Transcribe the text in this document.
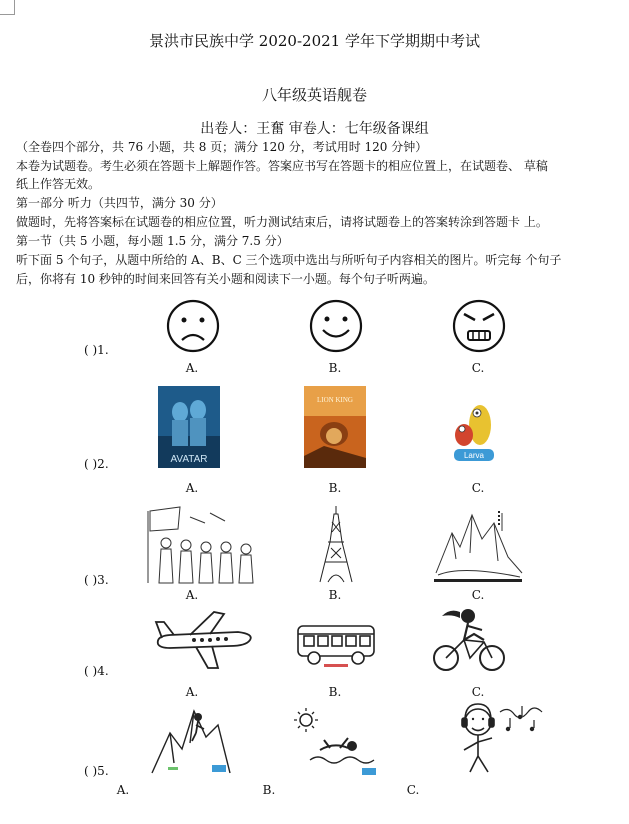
景洪市民族中学 2020-2021 学年下学期期中考试
八年级英语舰卷
出卷人：王奮 审卷人：七年级备课组
（全卷四个部分，共 76 小题，共 8 页；满分 120 分，考试用时 120 分钟）
本卷为试题卷。考生必须在答题卡上解题作答。答案应书写在答题卡的相应位置上，在试题卷、 草稿
纸上作答无效。
第一部分 听力（共四节，满分 30 分）
做题时，先将答案标在试题卷的相应位置，听力测试结束后，请将试题卷上的答案转涂到答题卡 上。
第一节（共 5 小题，每小题 1.5 分，满分 7.5 分）
听下面 5 个句子，从题中所给的 A、B、C 三个选项中选出与所听句子内容相关的图片。听完每 个句子
后，你将有 10 秒钟的时间来回答有关小题和阅读下一小题。每个句子听两遍。
( )1.
A.	B.	C.
( )2.	AVATAR
LION KING
Larva
A.	B.	C.
( )3.
A.	B.	C.
( )4.
A.	B.	C.
( )5.
A.	B.	C.
